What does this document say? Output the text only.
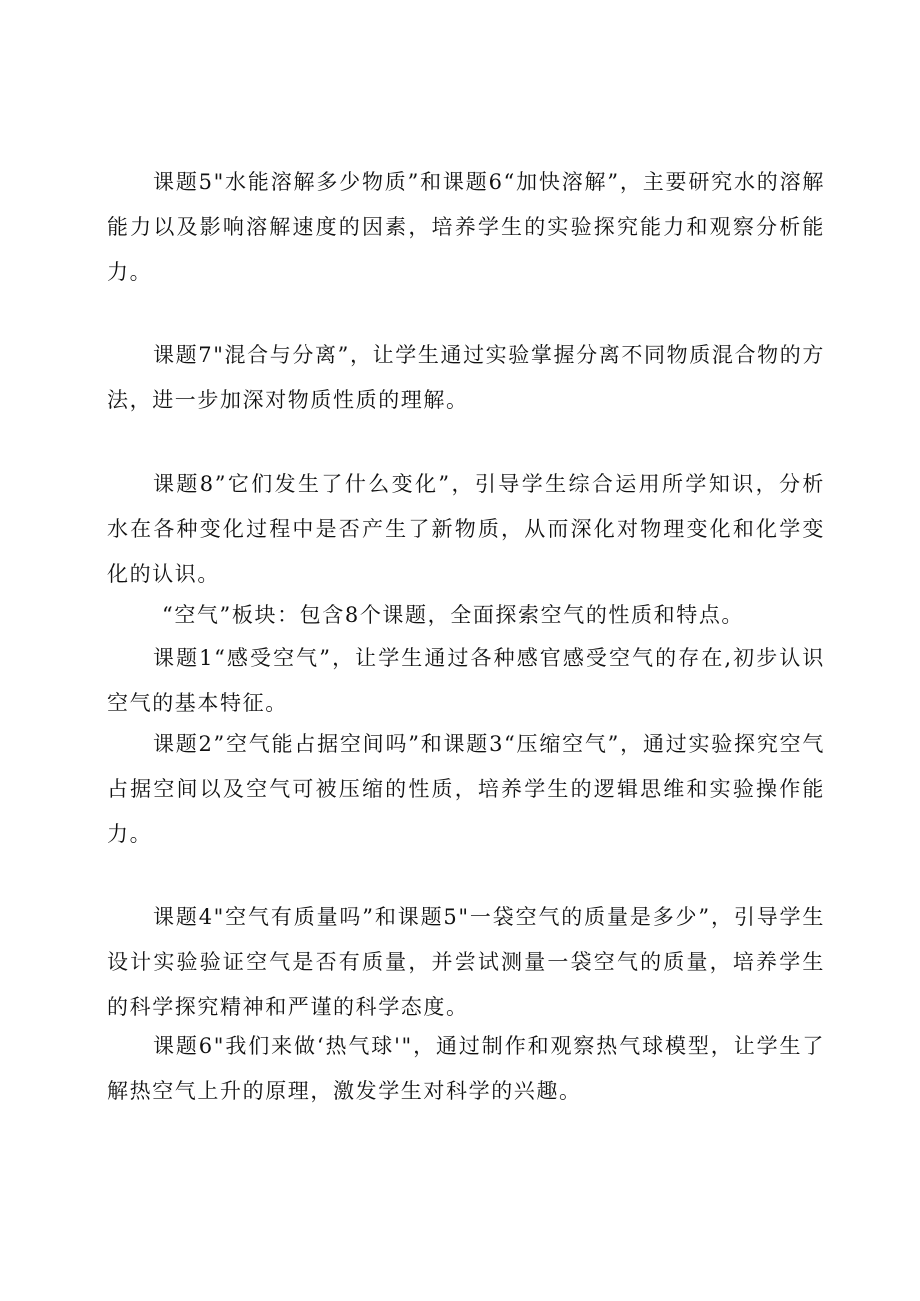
课题5"水能溶解多少物质”和课题6“加快溶解”，主要研究水的溶解能力以及影响溶解速度的因素，培养学生的实验探究能力和观察分析能力。

课题7"混合与分离”，让学生通过实验掌握分离不同物质混合物的方法，进一步加深对物质性质的理解。

课题8”它们发生了什么变化”，引导学生综合运用所学知识，分析水在各种变化过程中是否产生了新物质，从而深化对物理变化和化学变化的认识。

“空气”板块：包含8个课题，全面探索空气的性质和特点。

课题1“感受空气”，让学生通过各种感官感受空气的存在,初步认识空气的基本特征。

课题2”空气能占据空间吗”和课题3“压缩空气”，通过实验探究空气占据空间以及空气可被压缩的性质，培养学生的逻辑思维和实验操作能力。

课题4"空气有质量吗”和课题5"一袋空气的质量是多少”，引导学生设计实验验证空气是否有质量，并尝试测量一袋空气的质量，培养学生的科学探究精神和严谨的科学态度。

课题6"我们来做‘热气球'"，通过制作和观察热气球模型，让学生了解热空气上升的原理，激发学生对科学的兴趣。
